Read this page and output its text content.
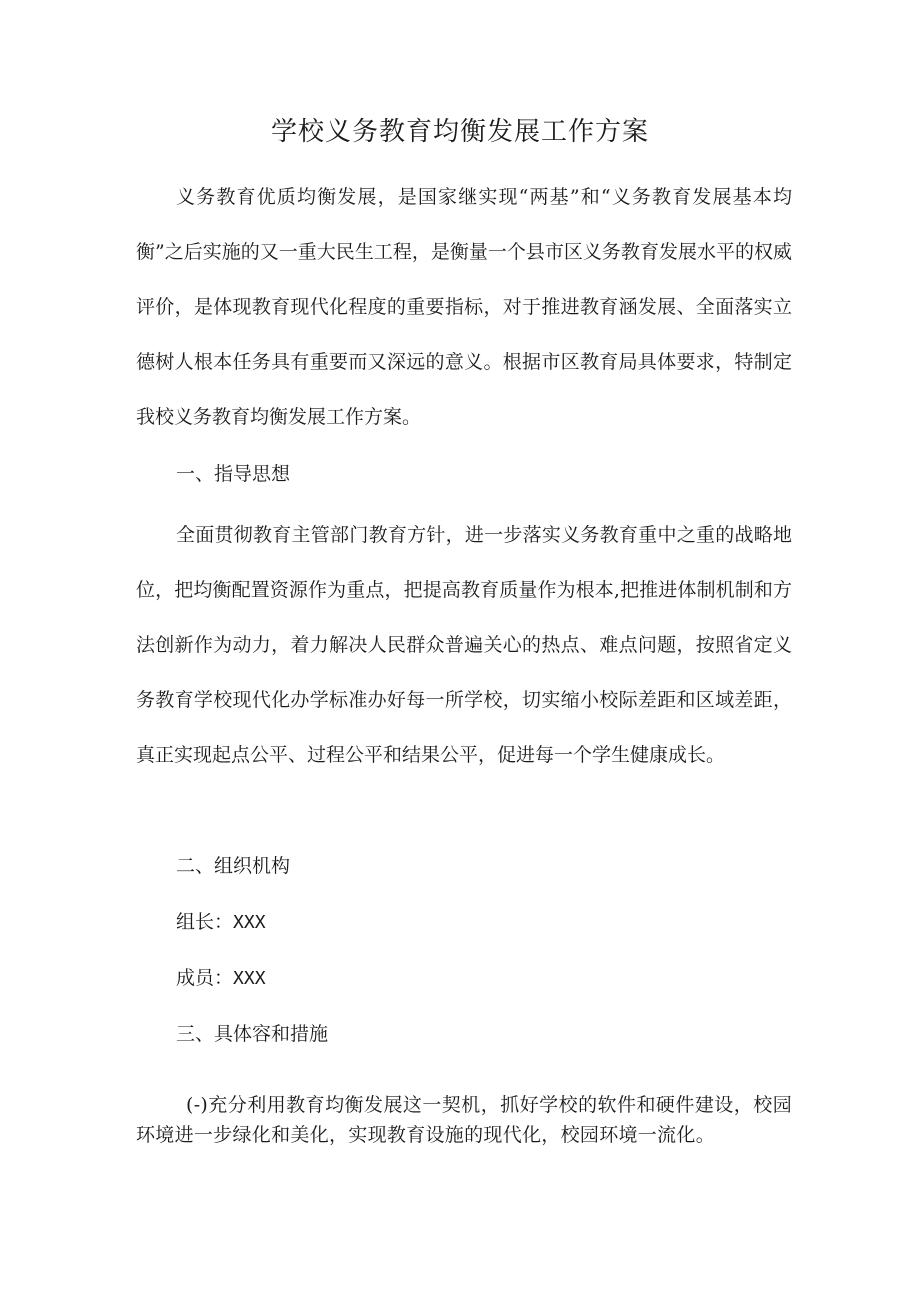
学校义务教育均衡发展工作方案

义务教育优质均衡发展，是国家继实现“两基”和“义务教育发展基本均衡”之后实施的又一重大民生工程，是衡量一个县市区义务教育发展水平的权威评价，是体现教育现代化程度的重要指标，对于推进教育涵发展、全面落实立德树人根本任务具有重要而又深远的意义。根据市区教育局具体要求，特制定我校义务教育均衡发展工作方案。

一、指导思想

全面贯彻教育主管部门教育方针，进一步落实义务教育重中之重的战略地位，把均衡配置资源作为重点，把提高教育质量作为根本,把推进体制机制和方法创新作为动力，着力解决人民群众普遍关心的热点、难点问题，按照省定义务教育学校现代化办学标准办好每一所学校，切实缩小校际差距和区域差距，真正实现起点公平、过程公平和结果公平，促进每一个学生健康成长。

二、组织机构

组长：XXX

成员：XXX

三、具体容和措施

(-)充分利用教育均衡发展这一契机，抓好学校的软件和硬件建设，校园环境进一步绿化和美化，实现教育设施的现代化，校园环境一流化。
